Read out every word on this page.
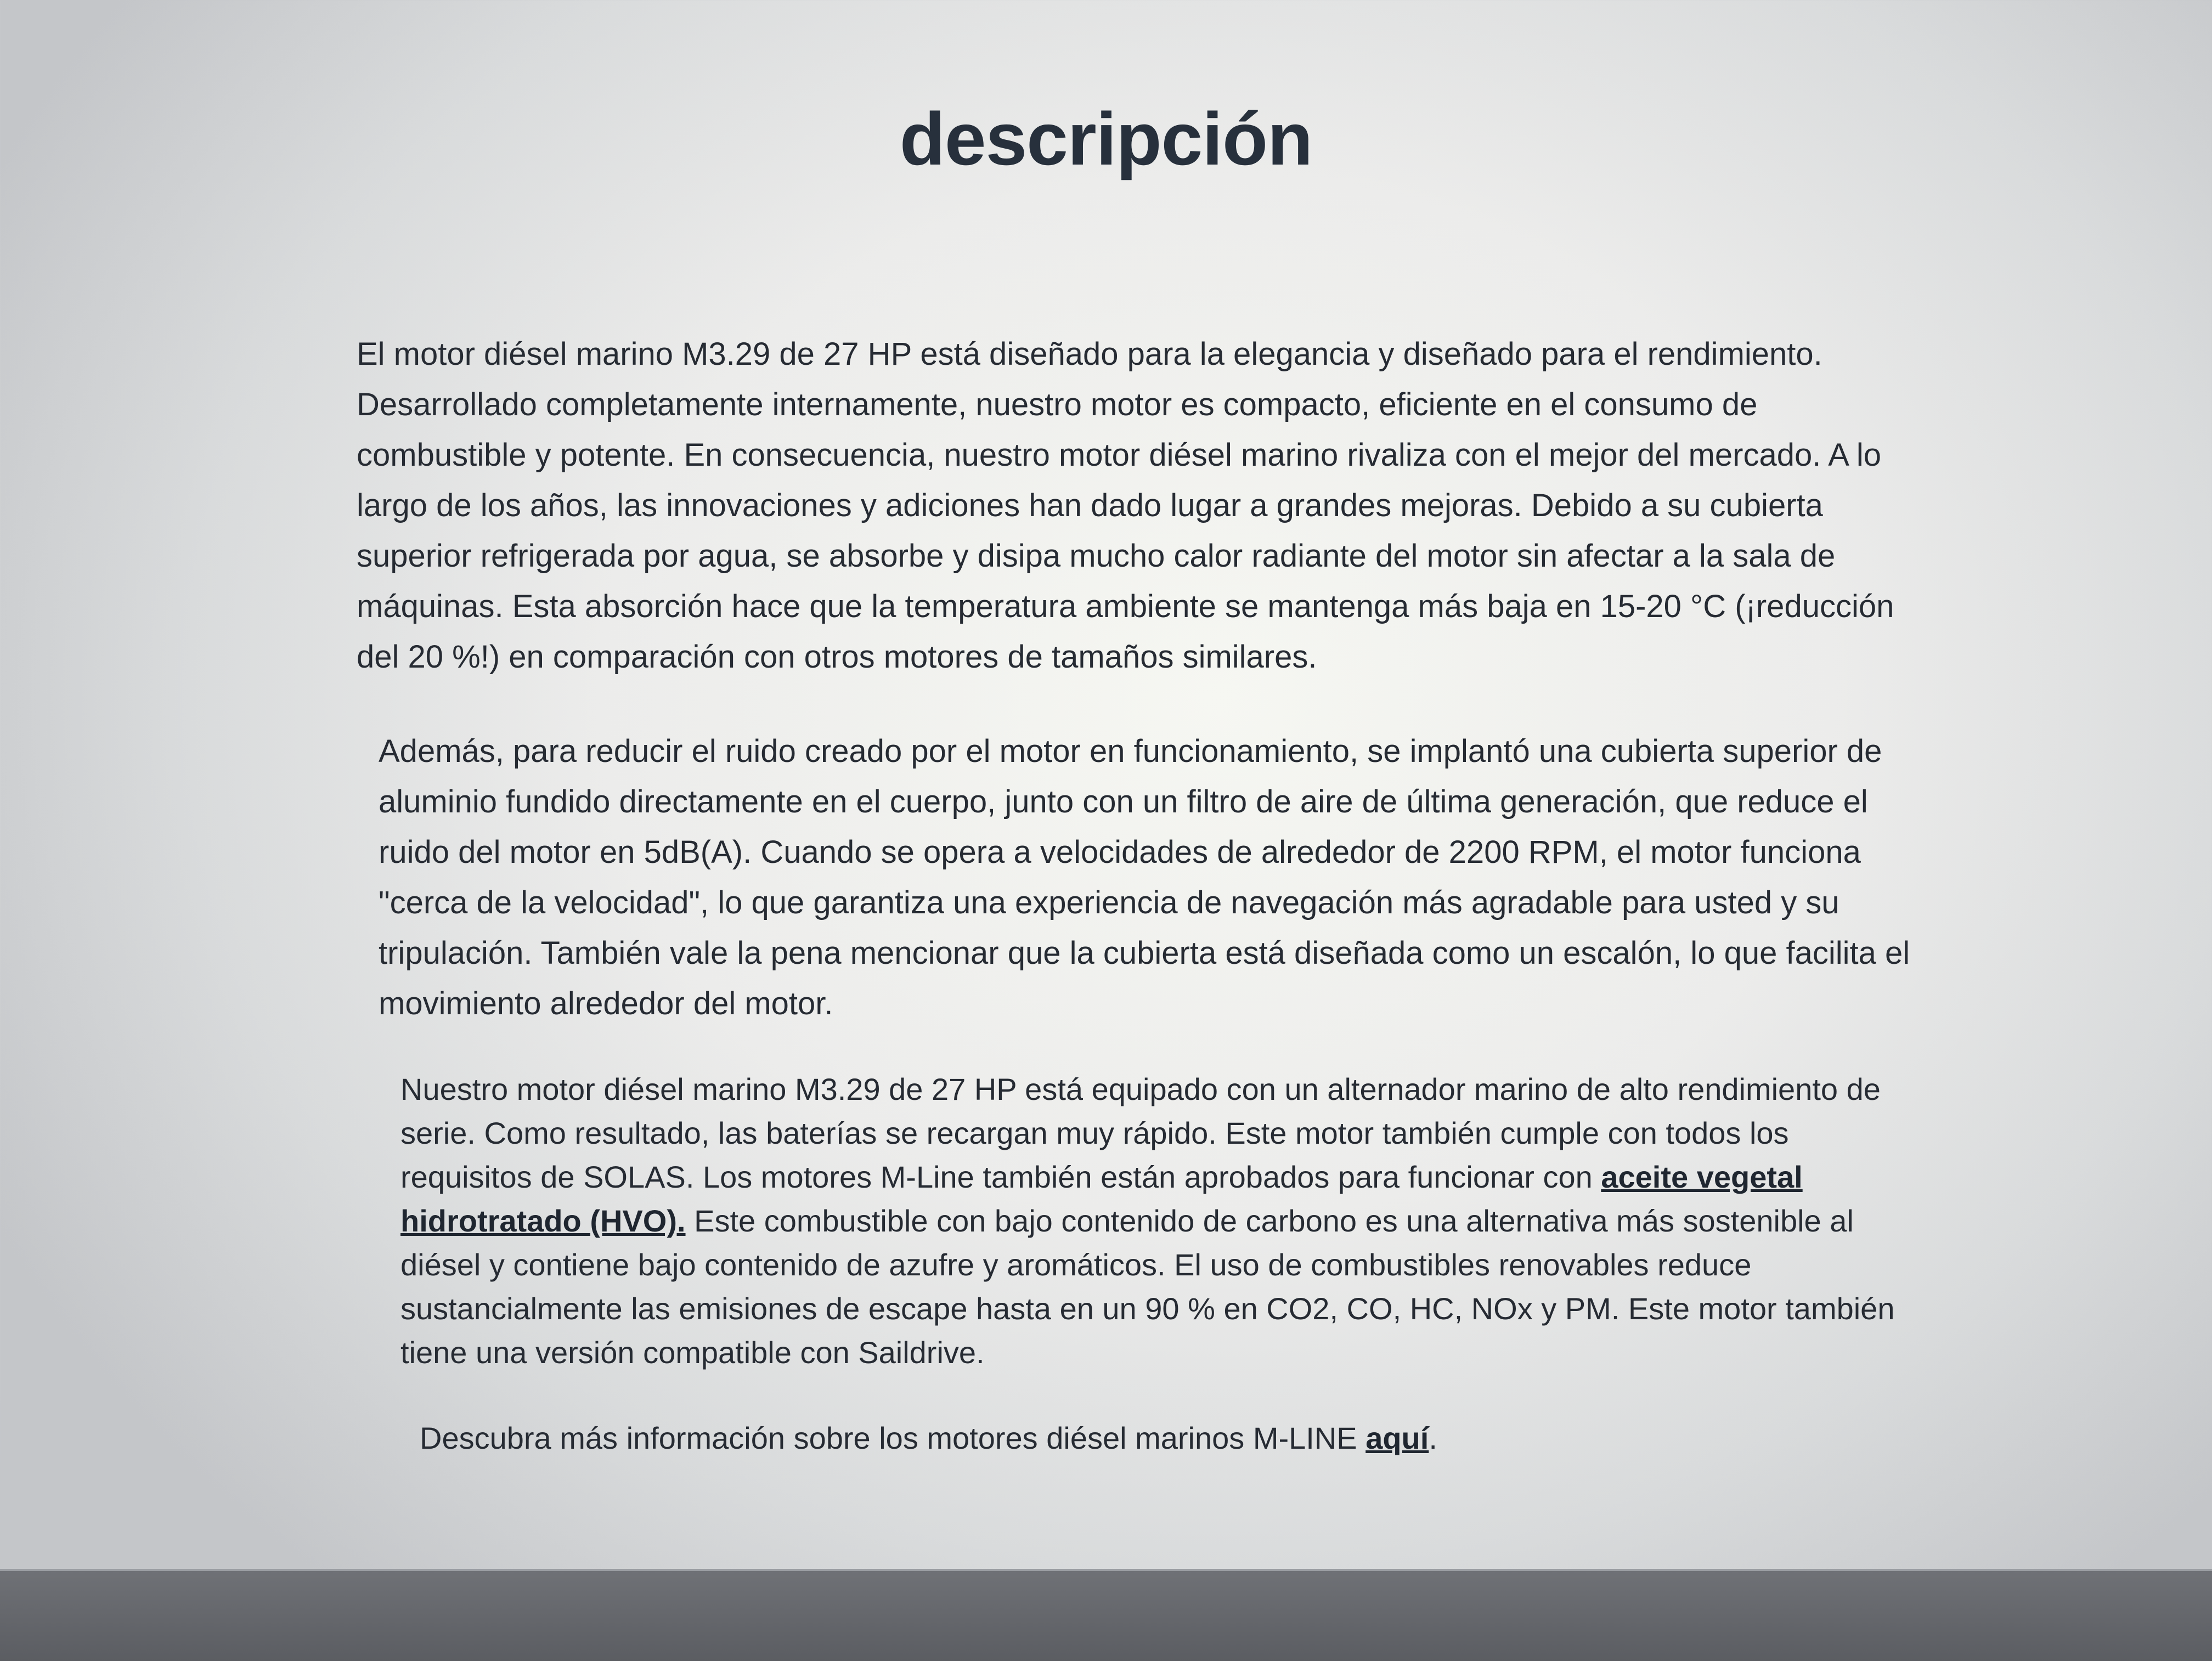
descripción

El motor diésel marino M3.29 de 27 HP está diseñado para la elegancia y diseñado para el rendimiento. Desarrollado completamente internamente, nuestro motor es compacto, eficiente en el consumo de combustible y potente. En consecuencia, nuestro motor diésel marino rivaliza con el mejor del mercado. A lo largo de los años, las innovaciones y adiciones han dado lugar a grandes mejoras. Debido a su cubierta superior refrigerada por agua, se absorbe y disipa mucho calor radiante del motor sin afectar a la sala de máquinas. Esta absorción hace que la temperatura ambiente se mantenga más baja en 15-20 °C (¡reducción del 20 %!) en comparación con otros motores de tamaños similares.

Además, para reducir el ruido creado por el motor en funcionamiento, se implantó una cubierta superior de aluminio fundido directamente en el cuerpo, junto con un filtro de aire de última generación, que reduce el ruido del motor en 5dB(A). Cuando se opera a velocidades de alrededor de 2200 RPM, el motor funciona "cerca de la velocidad", lo que garantiza una experiencia de navegación más agradable para usted y su tripulación. También vale la pena mencionar que la cubierta está diseñada como un escalón, lo que facilita el movimiento alrededor del motor.

Nuestro motor diésel marino M3.29 de 27 HP está equipado con un alternador marino de alto rendimiento de serie. Como resultado, las baterías se recargan muy rápido. Este motor también cumple con todos los requisitos de SOLAS. Los motores M-Line también están aprobados para funcionar con aceite vegetal hidrotratado (HVO). Este combustible con bajo contenido de carbono es una alternativa más sostenible al diésel y contiene bajo contenido de azufre y aromáticos. El uso de combustibles renovables reduce sustancialmente las emisiones de escape hasta en un 90 % en CO2, CO, HC, NOx y PM. Este motor también tiene una versión compatible con Saildrive.

Descubra más información sobre los motores diésel marinos M-LINE aquí.
